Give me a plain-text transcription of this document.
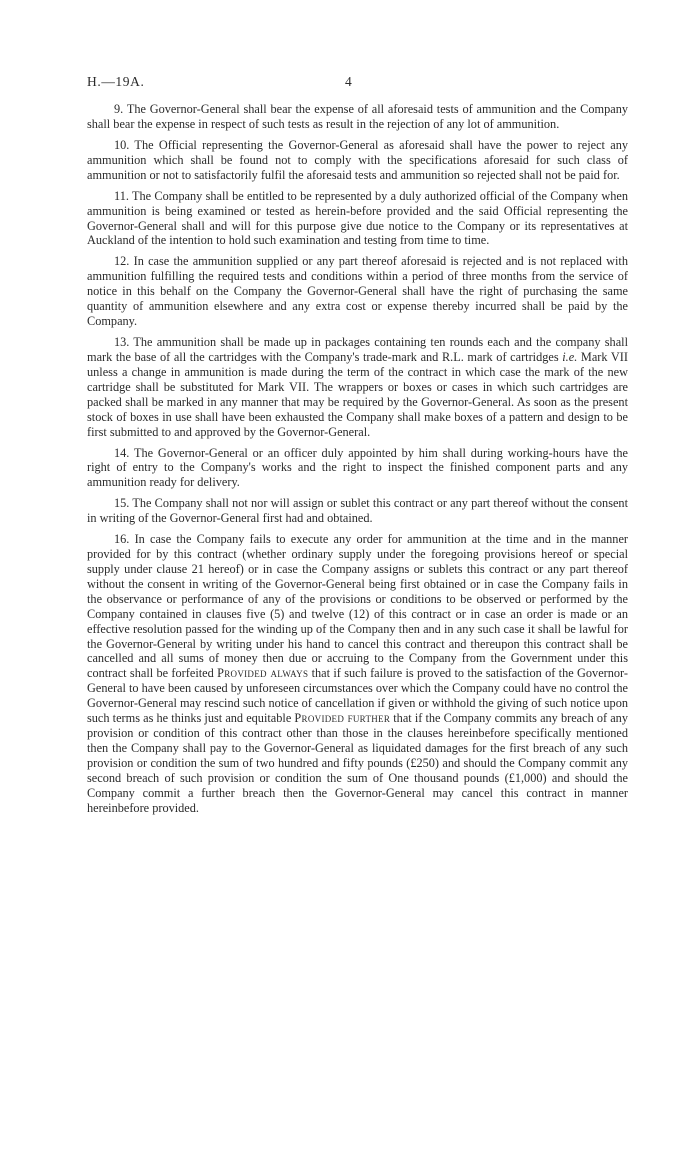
H.—19A.	4

9. The Governor-General shall bear the expense of all aforesaid tests of ammunition and the Company shall bear the expense in respect of such tests as result in the rejection of any lot of ammunition.

10. The Official representing the Governor-General as aforesaid shall have the power to reject any ammunition which shall be found not to comply with the specifications aforesaid for such class of ammunition or not to satisfactorily fulfil the aforesaid tests and ammunition so rejected shall not be paid for.

11. The Company shall be entitled to be represented by a duly authorized official of the Company when ammunition is being examined or tested as herein-before provided and the said Official representing the Governor-General shall and will for this purpose give due notice to the Company or its representatives at Auckland of the intention to hold such examination and testing from time to time.

12. In case the ammunition supplied or any part thereof aforesaid is rejected and is not replaced with ammunition fulfilling the required tests and conditions within a period of three months from the service of notice in this behalf on the Company the Governor-General shall have the right of purchasing the same quantity of ammunition elsewhere and any extra cost or expense thereby incurred shall be paid by the Company.

13. The ammunition shall be made up in packages containing ten rounds each and the company shall mark the base of all the cartridges with the Company's trade-mark and R.L. mark of cartridges i.e. Mark VII unless a change in ammunition is made during the term of the contract in which case the mark of the new cartridge shall be substituted for Mark VII. The wrappers or boxes or cases in which such cartridges are packed shall be marked in any manner that may be required by the Governor-General. As soon as the present stock of boxes in use shall have been exhausted the Company shall make boxes of a pattern and design to be first submitted to and approved by the Governor-General.

14. The Governor-General or an officer duly appointed by him shall during working-hours have the right of entry to the Company's works and the right to inspect the finished component parts and any ammunition ready for delivery.

15. The Company shall not nor will assign or sublet this contract or any part thereof without the consent in writing of the Governor-General first had and obtained.

16. In case the Company fails to execute any order for ammunition at the time and in the manner provided for by this contract (whether ordinary supply under the foregoing provisions hereof or special supply under clause 21 hereof) or in case the Company assigns or sublets this contract or any part thereof without the consent in writing of the Governor-General being first obtained or in case the Company fails in the observance or performance of any of the provisions or conditions to be observed or performed by the Company contained in clauses five (5) and twelve (12) of this contract or in case an order is made or an effective resolution passed for the winding up of the Company then and in any such case it shall be lawful for the Governor-General by writing under his hand to cancel this contract and thereupon this contract shall be cancelled and all sums of money then due or accruing to the Company from the Government under this contract shall be forfeited Provided always that if such failure is proved to the satisfaction of the Governor-General to have been caused by unforeseen circumstances over which the Company could have no control the Governor-General may rescind such notice of cancellation if given or withhold the giving of such notice upon such terms as he thinks just and equitable Provided further that if the Company commits any breach of any provision or condition of this contract other than those in the clauses hereinbefore specifically mentioned then the Company shall pay to the Governor-General as liquidated damages for the first breach of any such provision or condition the sum of two hundred and fifty pounds (£250) and should the Company commit any second breach of such provision or condition the sum of One thousand pounds (£1,000) and should the Company commit a further breach then the Governor-General may cancel this contract in manner hereinbefore provided.
